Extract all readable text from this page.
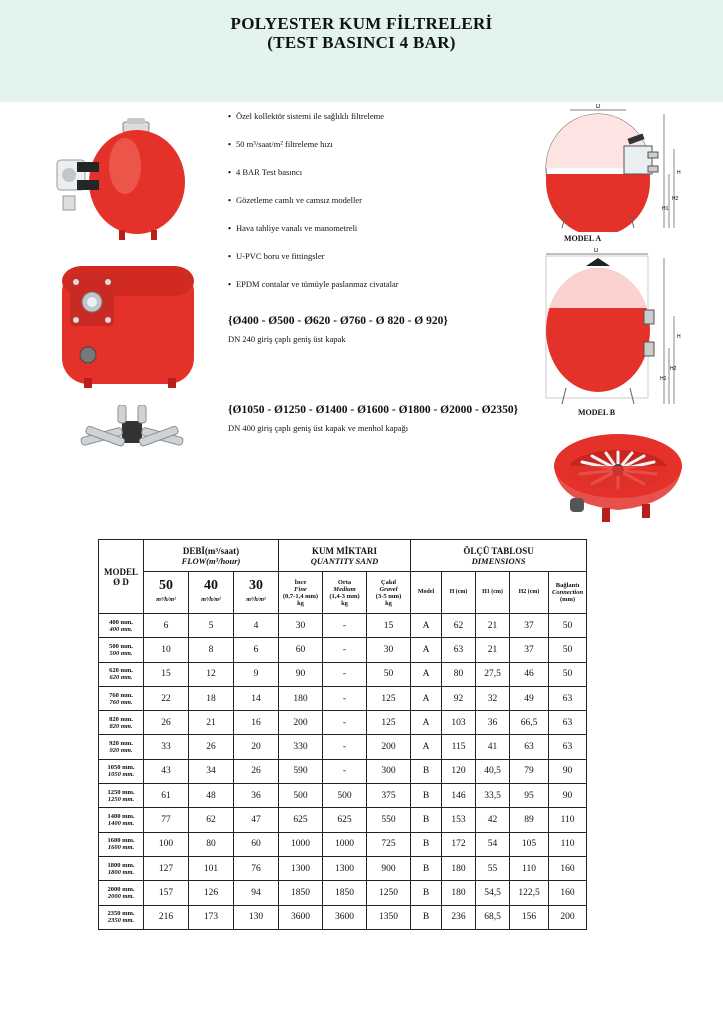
POLYESTER KUM FİLTRELERİ
(TEST BASINCI 4 BAR)
• Özel kollektör sistemi ile sağlıklı filtreleme
• 50 m³/saat/m² filtreleme hızı
• 4 BAR Test basıncı
• Gözetleme camlı ve camsız modeller
• Hava tahliye vanalı ve manometreli
• U-PVC boru ve fittingsler
• EPDM contalar ve tümüyle paslanmaz civatalar
{Ø400 - Ø500 - Ø620 - Ø760 - Ø 820 - Ø 920}
DN 240 giriş çaplı geniş üst kapak
{Ø1050 - Ø1250 - Ø1400 - Ø1600 - Ø1800 - Ø2000 - Ø2350}
DN 400 giriş çaplı geniş üst kapak ve menhol kapağı
D
H
H1
H2
MODEL A
D
H
H1
H2
MODEL B
MODEL
Ø D	DEBİ(m³/saat)
FLOW(m³/hour)			KUM MİKTARI
QUANTITY SAND			ÖLÇÜ TABLOSU
DIMENSIONS				

	50
m³/h/m²	40
m³/h/m²	30
m³/h/m²	İnce
Fine
(0,7-1,4 mm)
kg	Orta
Medium
(1,4-3 mm)
kg	Çakıl
Gravel
(3-5 mm)
kg	Model	H (cm)	H1 (cm)	H2 (cm)	Bağlantı
Connection
(mm)
400 mm.
400 mm.	6	5	4	30	-	15	A	62	21	37	50
500 mm.
500 mm.	10	8	6	60	-	30	A	63	21	37	50
620 mm.
620 mm.	15	12	9	90	-	50	A	80	27,5	46	50
760 mm.
760 mm.	22	18	14	180	-	125	A	92	32	49	63
820 mm.
820 mm.	26	21	16	200	-	125	A	103	36	66,5	63
920 mm.
920 mm.	33	26	20	330	-	200	A	115	41	63	63
1050 mm.
1050 mm.	43	34	26	590	-	300	B	120	40,5	79	90
1250 mm.
1250 mm.	61	48	36	500	500	375	B	146	33,5	95	90
1400 mm.
1400 mm.	77	62	47	625	625	550	B	153	42	89	110
1600 mm.
1600 mm.	100	80	60	1000	1000	725	B	172	54	105	110
1800 mm.
1800 mm.	127	101	76	1300	1300	900	B	180	55	110	160
2000 mm.
2000 mm.	157	126	94	1850	1850	1250	B	180	54,5	122,5	160
2350 mm.
2350 mm.	216	173	130	3600	3600	1350	B	236	68,5	156	200
